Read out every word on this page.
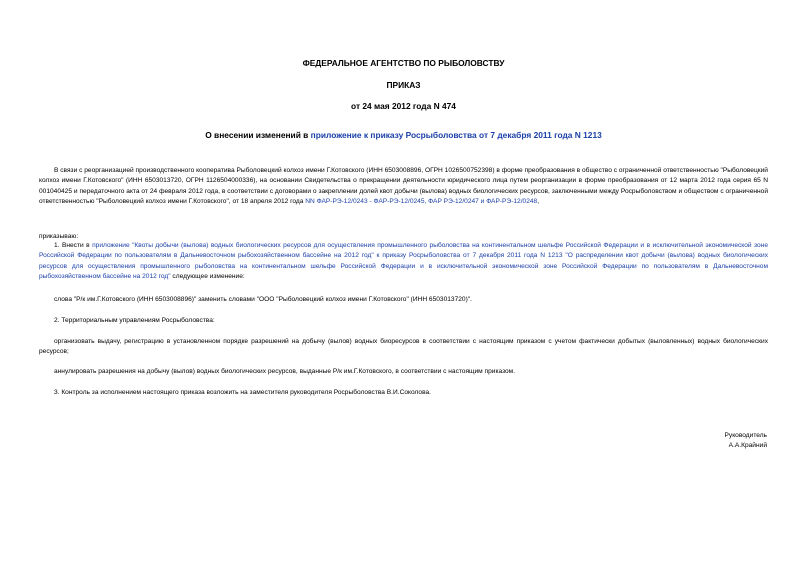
ФЕДЕРАЛЬНОЕ АГЕНТСТВО ПО РЫБОЛОВСТВУ
ПРИКАЗ
от 24 мая 2012 года N 474
О внесении изменений в приложение к приказу Росрыболовства от 7 декабря 2011 года N 1213

В связи с реорганизацией производственного кооператива Рыболовецкий колхоз имени Г.Котовского (ИНН 6503008896, ОГРН 1026500752398) в форме преобразования в общество с ограниченной ответственностью "Рыболовецкий колхоз имени Г.Котовского" (ИНН 6503013720, ОГРН 1126504000336), на основании Свидетельства о прекращении деятельности юридического лица путем реорганизации в форме преобразования от 12 марта 2012 года серия 65 N 001040425 и передаточного акта от 24 февраля 2012 года, в соответствии с договорами о закреплении долей квот добычи (вылова) водных биологических ресурсов, заключенными между Росрыболовством и обществом с ограниченной ответственностью "Рыболовецкий колхоз имени Г.Котовского", от 18 апреля 2012 года NN ФАР-РЭ-12/0243 - ФАР-РЭ-12/0245, ФАР РЭ-12/0247 и ФАР-РЭ-12/0248,

приказываю:

1. Внести в приложение "Квоты добычи (вылова) водных биологических ресурсов для осуществления промышленного рыболовства на континентальном шельфе Российской Федерации и в исключительной экономической зоне Российской Федерации по пользователям в Дальневосточном рыбохозяйственном бассейне на 2012 год" к приказу Росрыболовства от 7 декабря 2011 года N 1213 "О распределении квот добычи (вылова) водных биологических ресурсов для осуществления промышленного рыболовства на континентальном шельфе Российской Федерации и в исключительной экономической зоне Российской Федерации по пользователям в Дальневосточном рыбохозяйственном бассейне на 2012 год" следующее изменение:

слова "Р/к им.Г.Котовского (ИНН 6503008896)" заменить словами "ООО "Рыболовецкий колхоз имени Г.Котовского" (ИНН 6503013720)".

2. Территориальным управлениям Росрыболовства:

организовать выдачу, регистрацию в установленном порядке разрешений на добычу (вылов) водных биоресурсов в соответствии с настоящим приказом с учетом фактически добытых (выловленных) водных биологических ресурсов;

аннулировать разрешения на добычу (вылов) водных биологических ресурсов, выданные Р/к им.Г.Котовского, в соответствии с настоящим приказом.

3. Контроль за исполнением настоящего приказа возложить на заместителя руководителя Росрыболовства В.И.Соколова.

Руководитель
А.А.Крайний
